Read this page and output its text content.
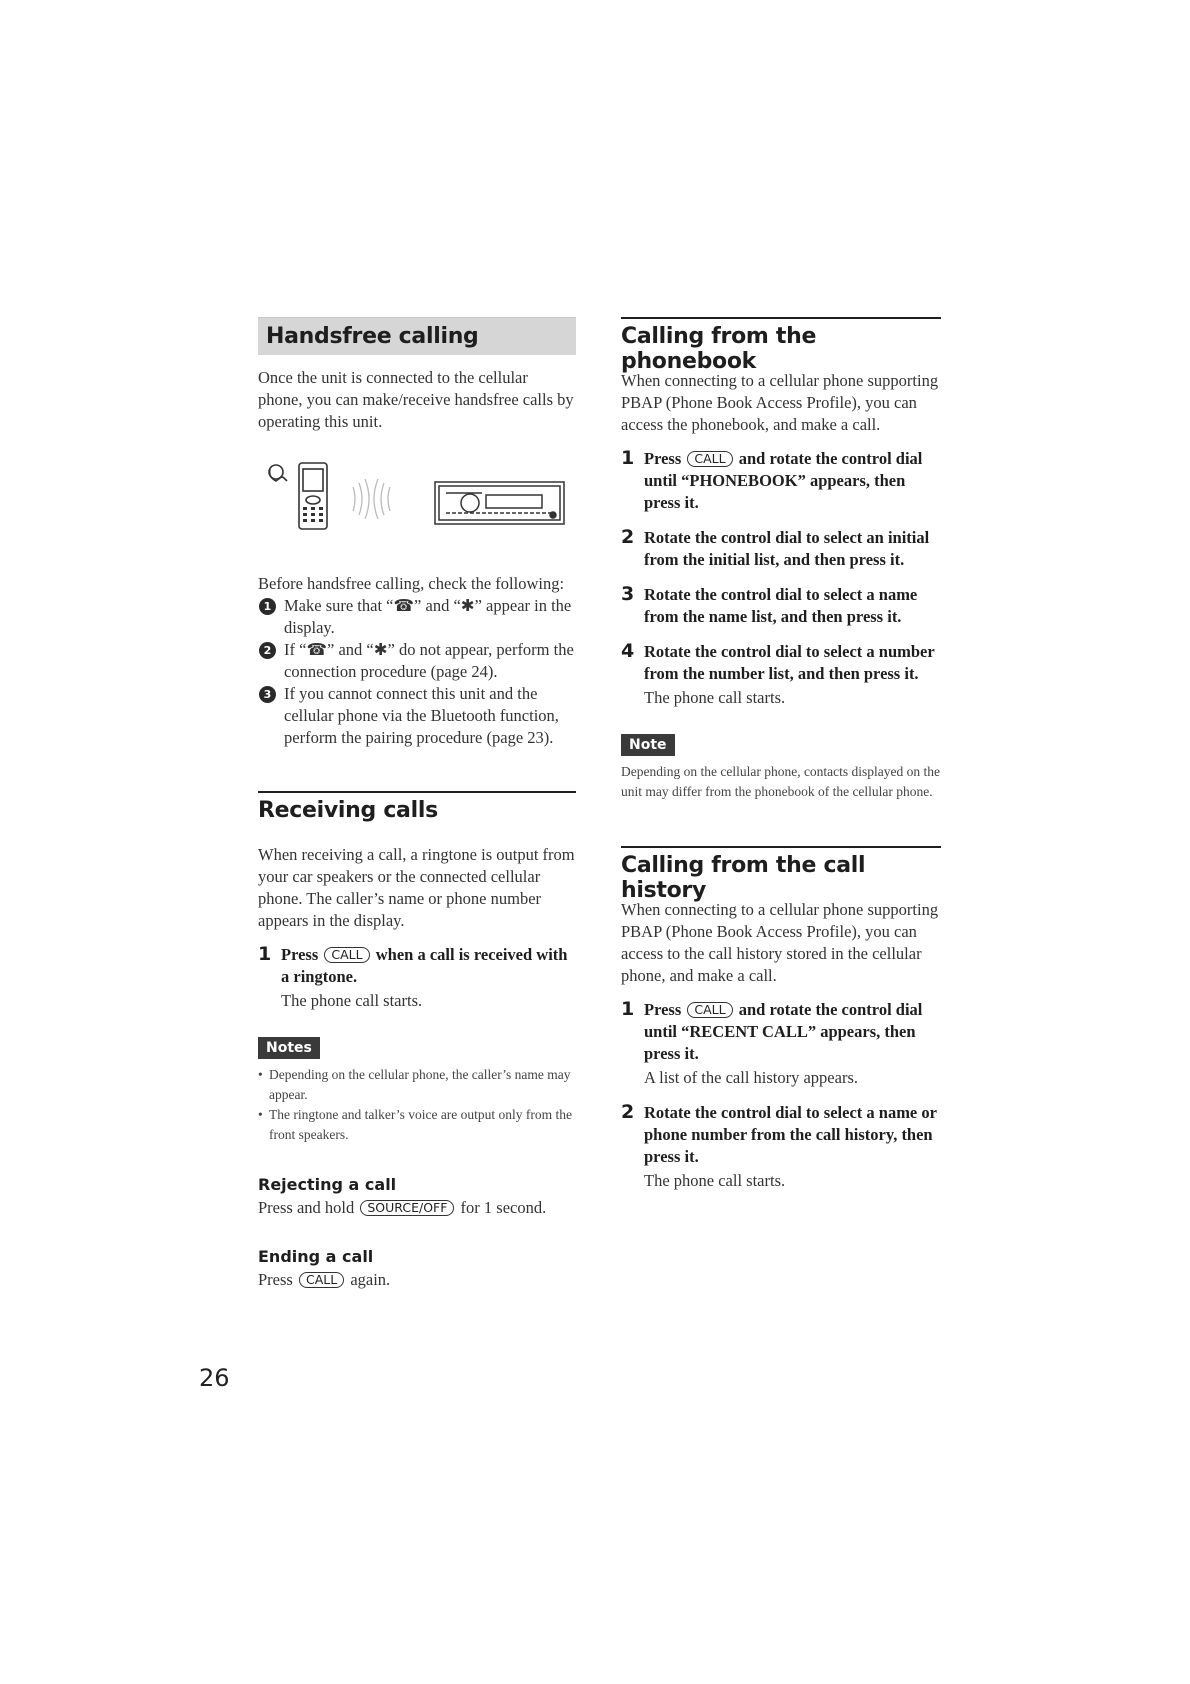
Handsfree calling

Once the unit is connected to the cellular phone, you can make/receive handsfree calls by operating this unit.

Before handsfree calling, check the following:

1 Make sure that “☎” and “✱” appear in the display.
2 If “☎” and “✱” do not appear, perform the connection procedure (page 24).
3 If you cannot connect this unit and the cellular phone via the Bluetooth function, perform the pairing procedure (page 23).
Receiving calls

When receiving a call, a ringtone is output from your car speakers or the connected cellular phone. The caller’s name or phone number appears in the display.

1 Press CALL when a call is received with a ringtone.

The phone call starts.

Notes
• Depending on the cellular phone, the caller’s name may appear.
• The ringtone and talker’s voice are output only from the front speakers.

Rejecting a call

Press and hold SOURCE/OFF for 1 second.

Ending a call

Press CALL again.

Calling from the phonebook

When connecting to a cellular phone supporting PBAP (Phone Book Access Profile), you can access the phonebook, and make a call.

1 Press CALL and rotate the control dial until “PHONEBOOK” appears, then press it.

2 Rotate the control dial to select an initial from the initial list, and then press it.

3 Rotate the control dial to select a name from the name list, and then press it.

4 Rotate the control dial to select a number from the number list, and then press it.

The phone call starts.

Note

Depending on the cellular phone, contacts displayed on the unit may differ from the phonebook of the cellular phone.

Calling from the call history

When connecting to a cellular phone supporting PBAP (Phone Book Access Profile), you can access to the call history stored in the cellular phone, and make a call.

1 Press CALL and rotate the control dial until “RECENT CALL” appears, then press it.

A list of the call history appears.

2 Rotate the control dial to select a name or phone number from the call history, then press it.

The phone call starts.

26
